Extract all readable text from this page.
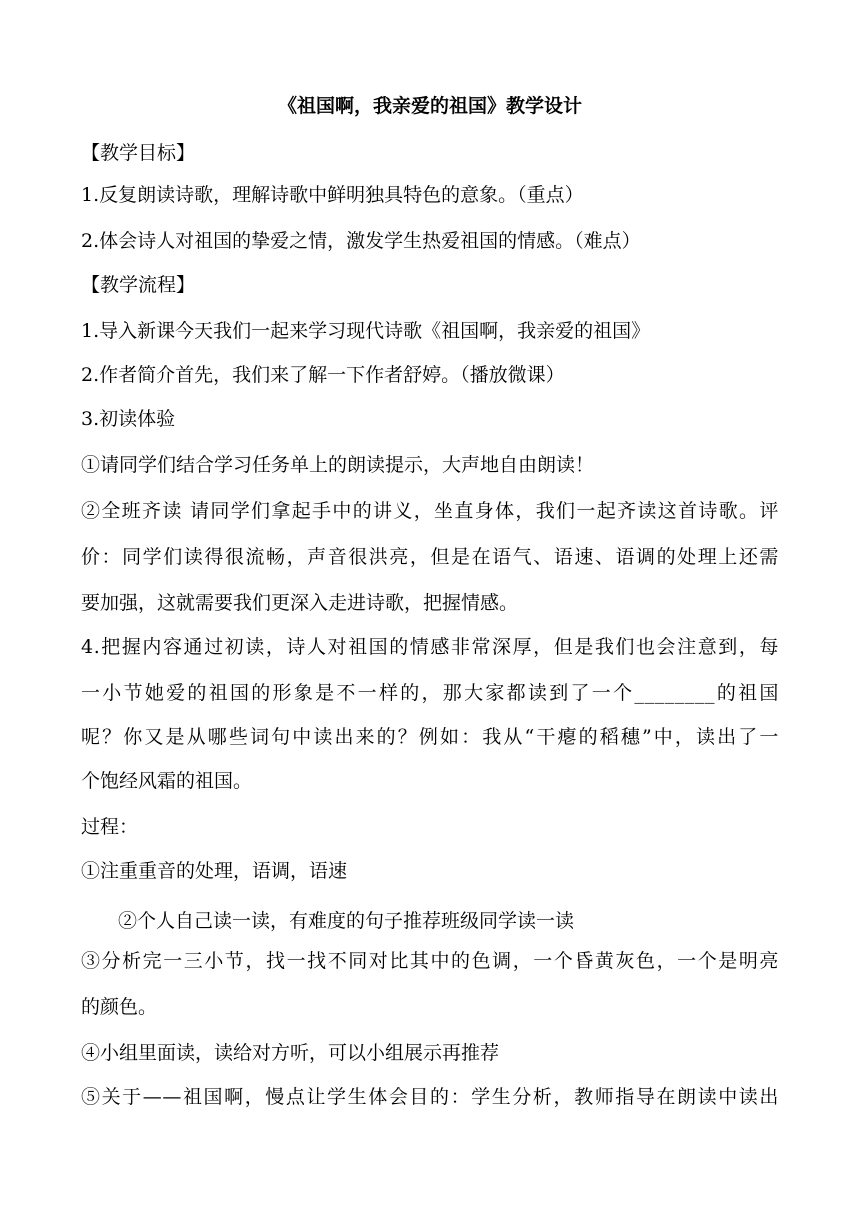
《祖国啊，我亲爱的祖国》教学设计
【教学目标】
1.反复朗读诗歌，理解诗歌中鲜明独具特色的意象。（重点）
2.体会诗人对祖国的挚爱之情，激发学生热爱祖国的情感。（难点）
【教学流程】
1.导入新课今天我们一起来学习现代诗歌《祖国啊，我亲爱的祖国》
2.作者简介首先，我们来了解一下作者舒婷。（播放微课）
3.初读体验
①请同学们结合学习任务单上的朗读提示，大声地自由朗读！
②全班齐读 请同学们拿起手中的讲义，坐直身体，我们一起齐读这首诗歌。评
价：同学们读得很流畅，声音很洪亮，但是在语气、语速、语调的处理上还需
要加强，这就需要我们更深入走进诗歌，把握情感。
4.把握内容通过初读，诗人对祖国的情感非常深厚，但是我们也会注意到，每
一小节她爱的祖国的形象是不一样的，那大家都读到了一个________的祖国
呢？你又是从哪些词句中读出来的？例如：我从“干瘪的稻穗”中，读出了一
个饱经风霜的祖国。
过程：
①注重重音的处理，语调，语速
②个人自己读一读，有难度的句子推荐班级同学读一读
③分析完一三小节，找一找不同对比其中的色调，一个昏黄灰色，一个是明亮
的颜色。
④小组里面读，读给对方听，可以小组展示再推荐
⑤关于——祖国啊，慢点让学生体会目的：学生分析，教师指导在朗读中读出
